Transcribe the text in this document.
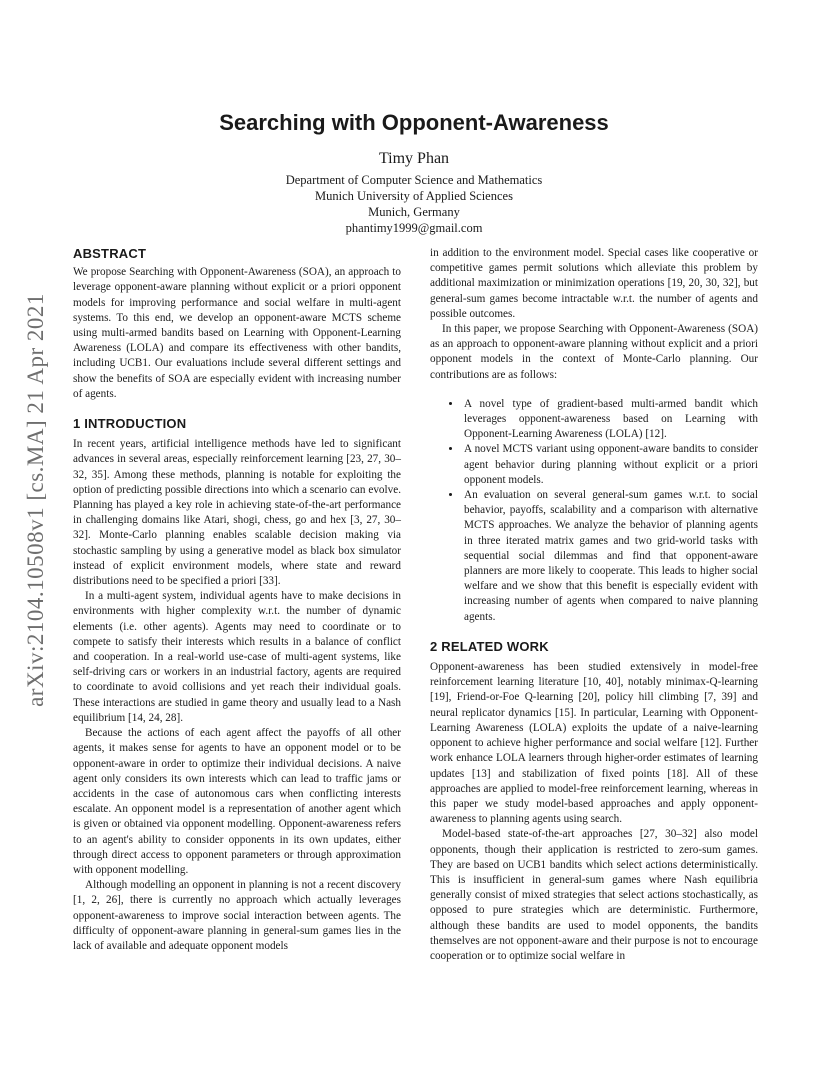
arXiv:2104.10508v1 [cs.MA] 21 Apr 2021
Searching with Opponent-Awareness
Timy Phan
Department of Computer Science and Mathematics
Munich University of Applied Sciences
Munich, Germany
phantimy1999@gmail.com
ABSTRACT

We propose Searching with Opponent-Awareness (SOA), an approach to leverage opponent-aware planning without explicit or a priori opponent models for improving performance and social welfare in multi-agent systems. To this end, we develop an opponent-aware MCTS scheme using multi-armed bandits based on Learning with Opponent-Learning Awareness (LOLA) and compare its effectiveness with other bandits, including UCB1. Our evaluations include several different settings and show the benefits of SOA are especially evident with increasing number of agents.

1 INTRODUCTION

In recent years, artificial intelligence methods have led to significant advances in several areas, especially reinforcement learning [23, 27, 30–32, 35]. Among these methods, planning is notable for exploiting the option of predicting possible directions into which a scenario can evolve. Planning has played a key role in achieving state-of-the-art performance in challenging domains like Atari, shogi, chess, go and hex [3, 27, 30–32]. Monte-Carlo planning enables scalable decision making via stochastic sampling by using a generative model as black box simulator instead of explicit environment models, where state and reward distributions need to be specified a priori [33].

In a multi-agent system, individual agents have to make decisions in environments with higher complexity w.r.t. the number of dynamic elements (i.e. other agents). Agents may need to coordinate or to compete to satisfy their interests which results in a balance of conflict and cooperation. In a real-world use-case of multi-agent systems, like self-driving cars or workers in an industrial factory, agents are required to coordinate to avoid collisions and yet reach their individual goals. These interactions are studied in game theory and usually lead to a Nash equilibrium [14, 24, 28].

Because the actions of each agent affect the payoffs of all other agents, it makes sense for agents to have an opponent model or to be opponent-aware in order to optimize their individual decisions. A naive agent only considers its own interests which can lead to traffic jams or accidents in the case of autonomous cars when conflicting interests escalate. An opponent model is a representation of another agent which is given or obtained via opponent modelling. Opponent-awareness refers to an agent's ability to consider opponents in its own updates, either through direct access to opponent parameters or through approximation with opponent modelling.

Although modelling an opponent in planning is not a recent discovery [1, 2, 26], there is currently no approach which actually leverages opponent-awareness to improve social interaction between agents. The difficulty of opponent-aware planning in general-sum games lies in the lack of available and adequate opponent models

in addition to the environment model. Special cases like cooperative or competitive games permit solutions which alleviate this problem by additional maximization or minimization operations [19, 20, 30, 32], but general-sum games become intractable w.r.t. the number of agents and possible outcomes.

In this paper, we propose Searching with Opponent-Awareness (SOA) as an approach to opponent-aware planning without explicit and a priori opponent models in the context of Monte-Carlo planning. Our contributions are as follows:

• A novel type of gradient-based multi-armed bandit which leverages opponent-awareness based on Learning with Opponent-Learning Awareness (LOLA) [12].
• A novel MCTS variant using opponent-aware bandits to consider agent behavior during planning without explicit or a priori opponent models.
• An evaluation on several general-sum games w.r.t. to social behavior, payoffs, scalability and a comparison with alternative MCTS approaches. We analyze the behavior of planning agents in three iterated matrix games and two grid-world tasks with sequential social dilemmas and find that opponent-aware planners are more likely to cooperate. This leads to higher social welfare and we show that this benefit is especially evident with increasing number of agents when compared to naive planning agents.
2 RELATED WORK

Opponent-awareness has been studied extensively in model-free reinforcement learning literature [10, 40], notably minimax-Q-learning [19], Friend-or-Foe Q-learning [20], policy hill climbing [7, 39] and neural replicator dynamics [15]. In particular, Learning with Opponent-Learning Awareness (LOLA) exploits the update of a naive-learning opponent to achieve higher performance and social welfare [12]. Further work enhance LOLA learners through higher-order estimates of learning updates [13] and stabilization of fixed points [18]. All of these approaches are applied to model-free reinforcement learning, whereas in this paper we study model-based approaches and apply opponent-awareness to planning agents using search.

Model-based state-of-the-art approaches [27, 30–32] also model opponents, though their application is restricted to zero-sum games. They are based on UCB1 bandits which select actions deterministically. This is insufficient in general-sum games where Nash equilibria generally consist of mixed strategies that select actions stochastically, as opposed to pure strategies which are deterministic. Furthermore, although these bandits are used to model opponents, the bandits themselves are not opponent-aware and their purpose is not to encourage cooperation or to optimize social welfare in
